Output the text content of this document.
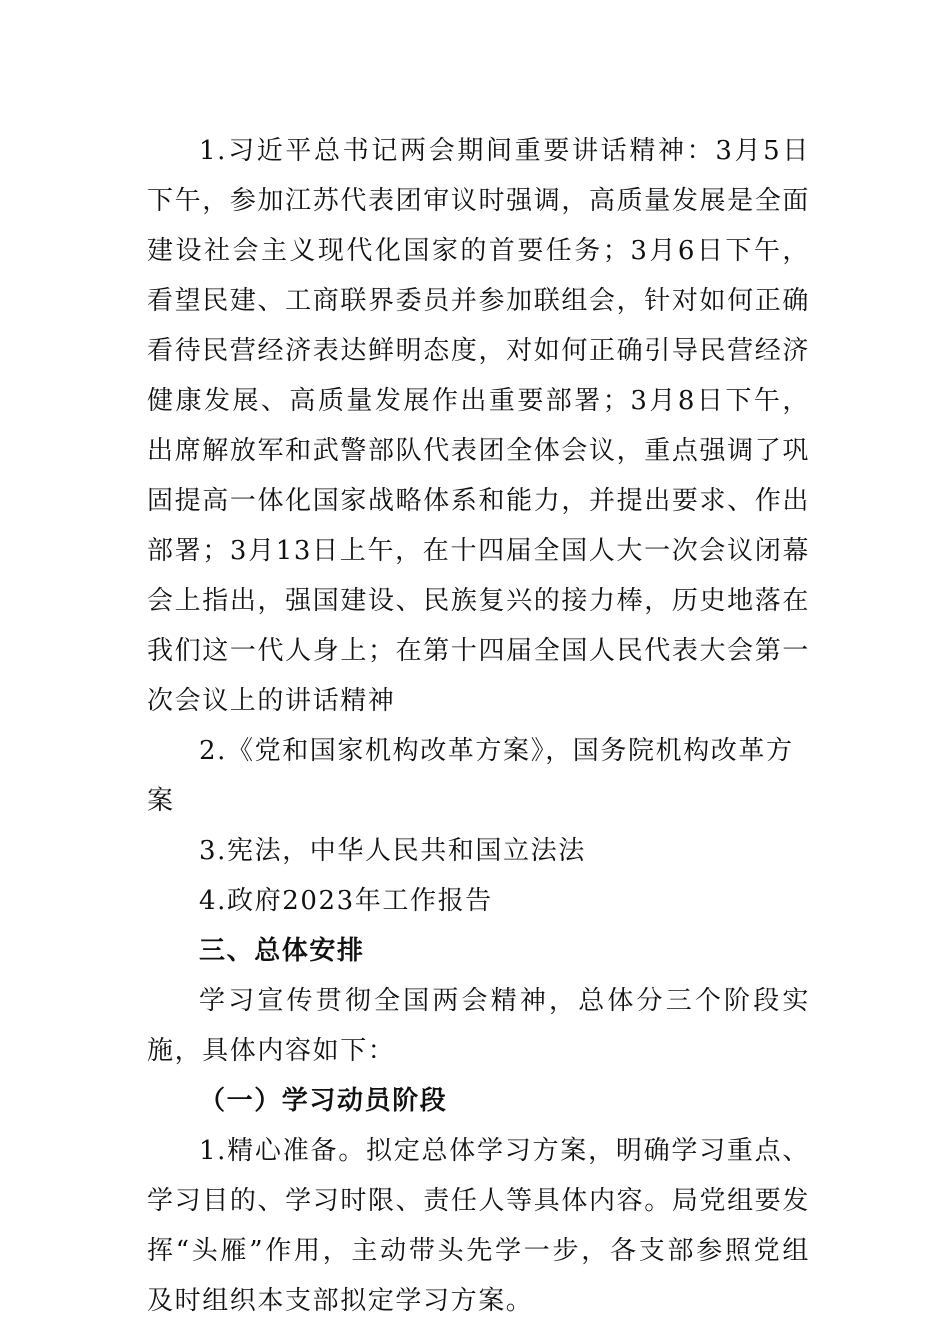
1.习近平总书记两会期间重要讲话精神：3月5日下午，参加江苏代表团审议时强调，高质量发展是全面建设社会主义现代化国家的首要任务；3月6日下午，看望民建、工商联界委员并参加联组会，针对如何正确看待民营经济表达鲜明态度，对如何正确引导民营经济健康发展、高质量发展作出重要部署；3月8日下午，出席解放军和武警部队代表团全体会议，重点强调了巩固提高一体化国家战略体系和能力，并提出要求、作出部署；3月13日上午，在十四届全国人大一次会议闭幕会上指出，强国建设、民族复兴的接力棒，历史地落在我们这一代人身上；在第十四届全国人民代表大会第一次会议上的讲话精神

2.《党和国家机构改革方案》，国务院机构改革方案

3.宪法，中华人民共和国立法法

4.政府2023年工作报告

三、总体安排

学习宣传贯彻全国两会精神，总体分三个阶段实施，具体内容如下：

（一）学习动员阶段

1.精心准备。拟定总体学习方案，明确学习重点、学习目的、学习时限、责任人等具体内容。局党组要发挥“头雁”作用，主动带头先学一步，各支部参照党组及时组织本支部拟定学习方案。
